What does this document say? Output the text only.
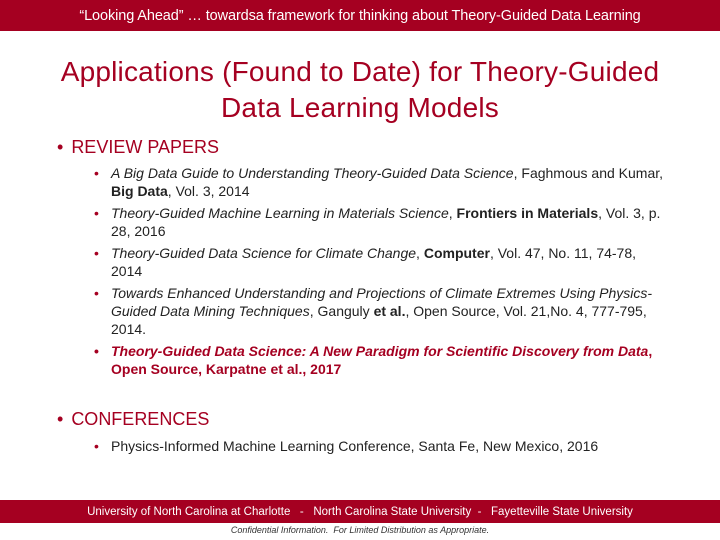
“Looking Ahead” … towardsa framework for thinking about Theory-Guided Data Learning
Applications (Found to Date) for Theory-Guided
Data Learning Models
• REVIEW PAPERS
• A Big Data Guide to Understanding Theory-Guided Data Science, Faghmous and Kumar, Big Data, Vol. 3, 2014
• Theory-Guided Machine Learning in Materials Science, Frontiers in Materials, Vol. 3, p. 28, 2016
• Theory-Guided Data Science for Climate Change, Computer, Vol. 47, No. 11, 74-78, 2014
• Towards Enhanced Understanding and Projections of Climate Extremes Using Physics-Guided Data Mining Techniques, Ganguly et al., Open Source, Vol. 21,No. 4, 777-795, 2014.
• Theory-Guided Data Science: A New Paradigm for Scientific Discovery from Data, Open Source, Karpatne et al., 2017
• CONFERENCES
• Physics-Informed Machine Learning Conference, Santa Fe, New Mexico, 2016
University of North Carolina at Charlotte   -   North Carolina State University  -   Fayetteville State University
Confidential Information.  For Limited Distribution as Appropriate.
